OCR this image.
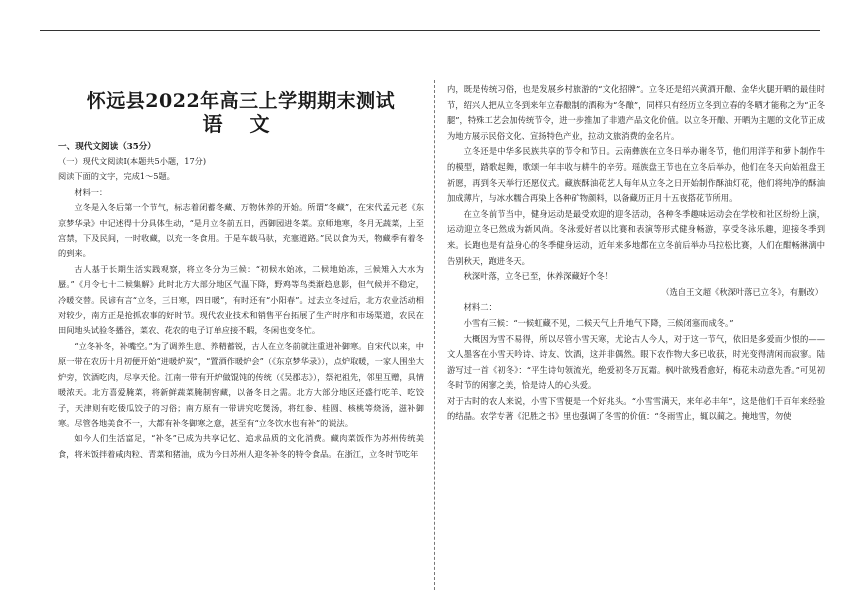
怀远县2022年高三上学期期末测试
语 文
一、现代文阅读（35分）

（一）现代文阅读Ⅰ(本题共5小题，17分)

阅读下面的文字，完成1～5题。

材料一：

立冬是入冬后第一个节气，标志着闭蓄冬藏、万物休养的开始。所谓“冬藏”，在宋代孟元老《东京梦华录》中记述得十分具体生动，“是月立冬前五日，西御园进冬菜。京师地寒，冬月无蔬菜，上至宫禁，下及民间，一时收藏，以充一冬食用。于是车载马驮，充塞道路。”民以食为天，物藏季有着冬的到来。

古人基于长期生活实践观察，将立冬分为三候：“初候水始冰，二候地始冻，三候雉入大水为蜃。”《月令七十二候集解》此时北方大部分地区气温下降，野鸡等鸟类渐趋息影，但气候并不稳定，冷暖交替。民谚有言“立冬，三日寒，四日暖”，有时还有“小阳春”。过去立冬过后，北方农业活动相对较少，南方正是抢抓农事的好时节。现代农业技术和销售平台拓展了生产时序和市场渠道，农民在田间地头试验冬播谷，菜农、花农的电子订单应接不暇，冬闲也变冬忙。

“立冬补冬，补嘴空。”为了调养生息、养精蓄锐，古人在立冬前就注重进补御寒。自宋代以来，中原一带在农历十月初便开始“进暖炉炭”，“置酒作暖炉会”（《东京梦华录》），点炉取暖，一家人围坐大炉旁，饮酒吃肉，尽享天伦。江南一带有开炉做馄饨的传统（《吴郡志》），祭祀祖先，邻里互赠，具情暖浓天。北方喜爱腌菜，将新鲜蔬菜腌制窖藏，以备冬日之需。北方大部分地区还盛行吃羊、吃饺子，天津则有吃倭瓜饺子的习俗；南方原有一带讲究吃煲汤，将红参、桂圆、核桃等烧汤，滋补御寒。尽管各地美食不一，大都有补冬御寒之意，甚至有“立冬饮水也有补”的说法。

如今人们生活富足，“补冬”已成为共享记忆、追求品质的文化消费。藏肉菜饭作为苏州传统美食，将米饭拌着咸肉粒、青菜和猪油，成为今日苏州人迎冬补冬的特令食品。在浙江，立冬时节吃年

内，既是传统习俗，也是发展乡村旅游的“文化招牌”。立冬还是绍兴黄酒开酿、金华火腿开晒的最佳时节，绍兴人把从立冬到来年立春酿制的酒称为“冬酿”，同样只有经历立冬到立春的冬晒才能称之为“正冬腿”，特殊工艺会加传统节令，进一步推加了非遗产品文化价值。以立冬开酿、开晒为主题的文化节正成为地方展示民俗文化、宣扬特色产业，拉动文旅消费的金名片。

立冬还是中华多民族共享的节令和节日。云南彝族在立冬日举办谢冬节，他们用洋芋和萝卜制作牛的模型，踏歌起舞，歌颂一年丰收与耕牛的辛劳。瑶族盘王节也在立冬后举办，他们在冬天向始祖盘王祈愿，再到冬天举行还愿仪式。藏族酥油花艺人每年从立冬之日开始制作酥油灯花，他们将纯净的酥油加成薄片，与冰水糯合再染上各种矿物颜料，以备藏历正月十五夜搭花节所用。

在立冬前节当中，健身运动是最受欢迎的迎冬活动，各种冬季趣味运动会在学校和社区纷纷上演，运动迎立冬已然成为新风尚。冬泳爱好者以比赛和表演等形式健身畅游，享受冬泳乐趣，迎接冬季到来。长跑也是有益身心的冬季健身运动，近年来多地都在立冬前后举办马拉松比赛，人们在酣畅淋漓中告别秋天，跑进冬天。

秋深叶落，立冬已至，休养深藏好个冬！

（选自王文超《秋深叶落已立冬》，有删改）

材料二：

小雪有三候：“一候虹藏不见，二候天气上升地气下降，三候闭塞而成冬。”

大概因为雪不易得，所以尽管小雪天寒，尤论古人今人，对于这一节气，依旧是多爱而少恨的——文人墨客在小雪天吟诗、诗友、饮酒，这并非偶然。眼下农作物大多已收获，时光变得清闲而寂寥。陆游写过一首《初冬》：“平生诗句领流光，绝爱初冬万瓦霜。枫叶欲残看愈好，梅花未动意先香。”可见初冬时节的闲寥之美，恰是诗人的心头爱。

对于古时的农人来说，小雪下雪便是一个好兆头。“小雪雪满天，来年必丰年”，这是他们千百年来经验的结晶。农学专著《汜胜之书》里也强调了冬雪的价值：“冬雨雪止，辄以蔺之。掩地雪，勿使
